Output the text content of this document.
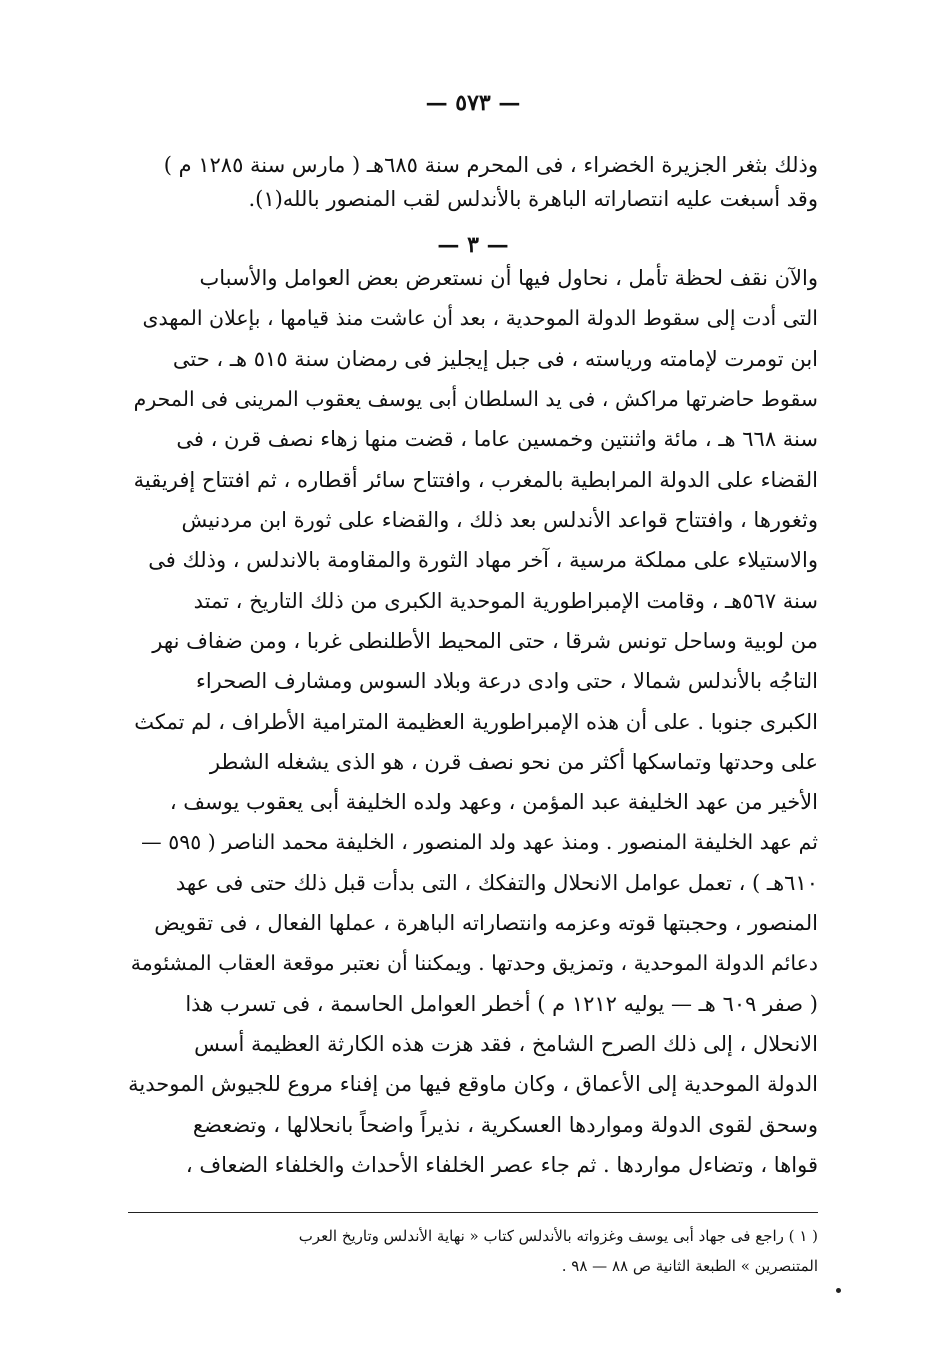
— ٥٧٣ —
وذلك بثغر الجزيرة الخضراء ، فى المحرم سنة ٦٨٥هـ ( مارس سنة ١٢٨٥ م )
وقد أسبغت عليه انتصاراته الباهرة بالأندلس لقب المنصور بالله(١).
— ٣ —
والآن نقف لحظة تأمل ، نحاول فيها أن نستعرض بعض العوامل والأسباب
التى أدت إلى سقوط الدولة الموحدية ، بعد أن عاشت منذ قيامها ، بإعلان المهدى
ابن تومرت لإمامته ورياسته ، فى جبل إيجليز فى رمضان سنة ٥١٥ هـ ، حتى
سقوط حاضرتها مراكش ، فى يد السلطان أبى يوسف يعقوب المرينى فى المحرم
سنة ٦٦٨ هـ ، مائة واثنتين وخمسين عاما ، قضت منها زهاء نصف قرن ، فى
القضاء على الدولة المرابطية بالمغرب ، وافتتاح سائر أقطاره ، ثم افتتاح إفريقية
وثغورها ، وافتتاح قواعد الأندلس بعد ذلك ، والقضاء على ثورة ابن مردنيش
والاستيلاء على مملكة مرسية ، آخر مهاد الثورة والمقاومة بالاندلس ، وذلك فى
سنة ٥٦٧هـ ، وقامت الإمبراطورية الموحدية الكبرى من ذلك التاريخ ، تمتد
من لوبية وساحل تونس شرقا ، حتى المحيط الأطلنطى غربا ، ومن ضفاف نهر
التاجُه بالأندلس شمالا ، حتى وادى درعة وبلاد السوس ومشارف الصحراء
الكبرى جنوبا . على أن هذه الإمبراطورية العظيمة المترامية الأطراف ، لم تمكث
على وحدتها وتماسكها أكثر من نحو نصف قرن ، هو الذى يشغله الشطر
الأخير من عهد الخليفة عبد المؤمن ، وعهد ولده الخليفة أبى يعقوب يوسف ،
ثم عهد الخليفة المنصور . ومنذ عهد ولد المنصور ، الخليفة محمد الناصر ( ٥٩٥ —
٦١٠هـ ) ، تعمل عوامل الانحلال والتفكك ، التى بدأت قبل ذلك حتى فى عهد
المنصور ، وحجبتها قوته وعزمه وانتصاراته الباهرة ، عملها الفعال ، فى تقويض
دعائم الدولة الموحدية ، وتمزيق وحدتها . ويمكننا أن نعتبر موقعة العقاب المشئومة
( صفر ٦٠٩ هـ — يوليه ١٢١٢ م ) أخطر العوامل الحاسمة ، فى تسرب هذا
الانحلال ، إلى ذلك الصرح الشامخ ، فقد هزت هذه الكارثة العظيمة أسس
الدولة الموحدية إلى الأعماق ، وكان ماوقع فيها من إفناء مروع للجيوش الموحدية
وسحق لقوى الدولة ومواردها العسكرية ، نذيراً واضحاً بانحلالها ، وتضعضع
قواها ، وتضاءل مواردها . ثم جاء عصر الخلفاء الأحداث والخلفاء الضعاف ،
( ١ ) راجع فى جهاد أبى يوسف وغزواته بالأندلس كتاب « نهاية الأندلس وتاريخ العرب
المتنصرين » الطبعة الثانية ص ٨٨ — ٩٨ .
